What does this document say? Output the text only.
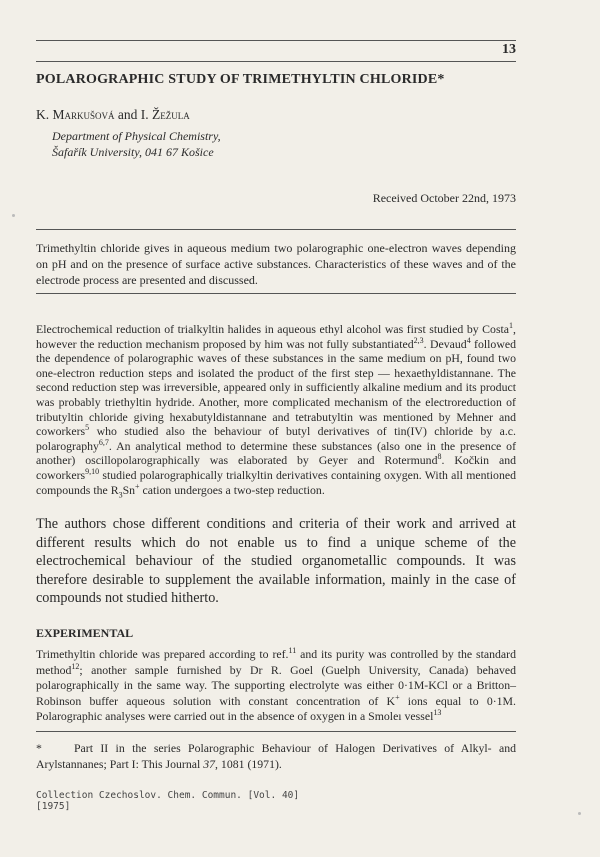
13
POLAROGRAPHIC STUDY OF TRIMETHYLTIN CHLORIDE*
K. Markušová and I. Žežula
Department of Physical Chemistry,
Šafařík University, 041 67 Košice
Received October 22nd, 1973
Trimethyltin chloride gives in aqueous medium two polarographic one-electron waves depending on pH and on the presence of surface active substances. Characteristics of these waves and of the electrode process are presented and discussed.
Electrochemical reduction of trialkyltin halides in aqueous ethyl alcohol was first studied by Costa$^1$, however the reduction mechanism proposed by him was not fully substantiated$^{2,3}$. Devaud$^4$ followed the dependence of polarographic waves of these substances in the same medium on pH, found two one-electron reduction steps and isolated the product of the first step — hexaethyldistannane. The second reduction step was irreversible, appeared only in sufficiently alkaline medium and its product was probably triethyltin hydride. Another, more complicated mechanism of the electroreduction of tributyltin chloride giving hexabutyldistannane and tetrabutyltin was mentioned by Mehner and coworkers$^5$ who studied also the behaviour of butyl derivatives of tin(IV) chloride by a.c. polarography$^{6,7}$. An analytical method to determine these substances (also one in the presence of another) oscillopolarographically was elaborated by Geyer and Rotermund$^8$. Kočkin and coworkers$^{9,10}$ studied polarographically trialkyltin derivatives containing oxygen. With all mentioned compounds the $R_3Sn^+$ cation undergoes a two-step reduction.
The authors chose different conditions and criteria of their work and arrived at different results which do not enable us to find a unique scheme of the electrochemical behaviour of the studied organometallic compounds. It was therefore desirable to supplement the available information, mainly in the case of compounds not studied hitherto.
EXPERIMENTAL
Trimethyltin chloride was prepared according to ref.$^{11}$ and its purity was controlled by the standard method$^{12}$; another sample furnished by Dr R. Goel (Guelph University, Canada) behaved polarographically in the same way. The supporting electrolyte was either 0·1M-KCl or a Britton–Robinson buffer aqueous solution with constant concentration of K+ ions equal to 0·1M. Polarographic analyses were carried out in the absence of oxygen in a Smoleı vessel$^{13}$
*	Part II in the series Polarographic Behaviour of Halogen Derivatives of Alkyl- and Arylstannanes; Part I: This Journal 37, 1081 (1971).
Collection Czechoslov. Chem. Commun. [Vol. 40] [1975]
